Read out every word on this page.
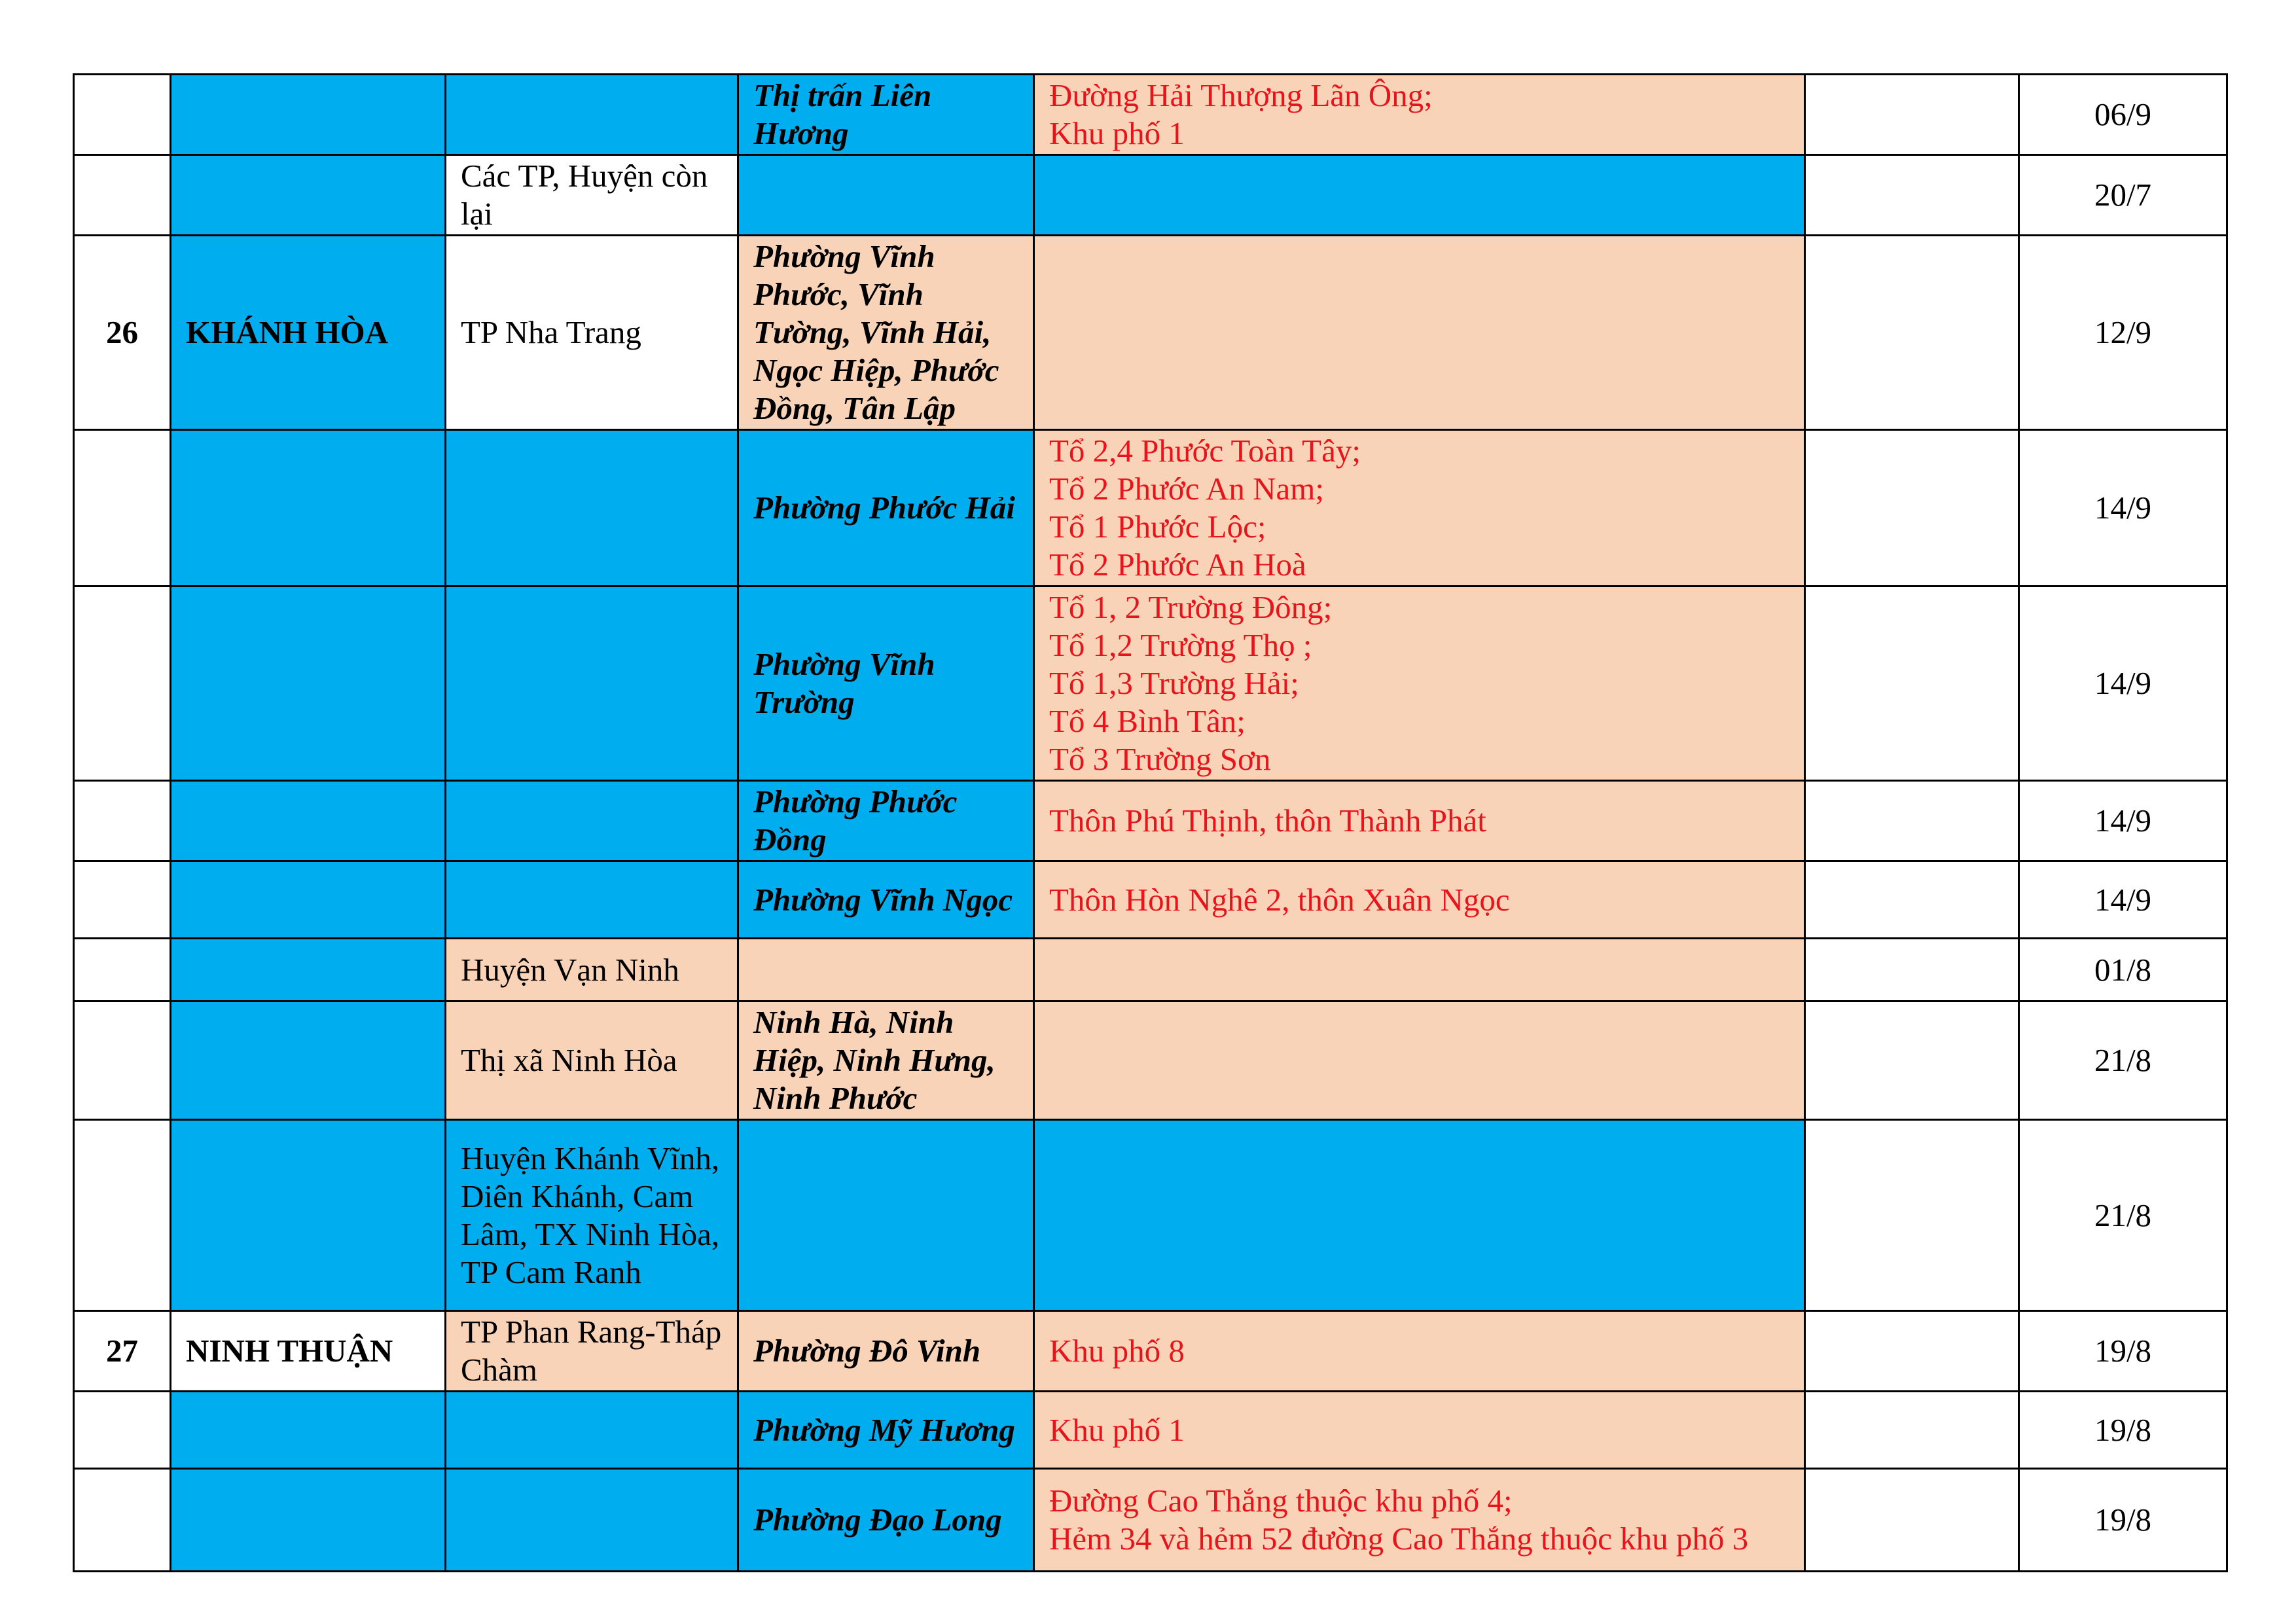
			Thị trấn Liên Hương	Đường Hải Thượng Lãn Ông;
Khu phố 1		06/9
		Các TP, Huyện còn lại				20/7
26	KHÁNH HÒA	TP Nha Trang	Phường Vĩnh Phước, Vĩnh Tường, Vĩnh Hải, Ngọc Hiệp, Phước Đồng, Tân Lập			12/9
			Phường Phước Hải	Tổ 2,4 Phước Toàn Tây;
Tổ 2 Phước An Nam;
Tổ 1 Phước Lộc;
Tổ 2 Phước An Hoà		14/9
			Phường Vĩnh Trường	Tổ 1, 2 Trường Đông;
Tổ 1,2 Trường Thọ ;
Tổ 1,3 Trường Hải;
Tổ 4 Bình Tân;
Tổ 3 Trường Sơn		14/9
			Phường Phước Đồng	Thôn Phú Thịnh, thôn Thành Phát		14/9
			Phường Vĩnh Ngọc	Thôn Hòn Nghê 2, thôn Xuân Ngọc		14/9
		Huyện Vạn Ninh				01/8
		Thị xã Ninh Hòa	Ninh Hà, Ninh Hiệp, Ninh Hưng, Ninh Phước			21/8
		Huyện Khánh Vĩnh, Diên Khánh, Cam Lâm, TX Ninh Hòa, TP Cam Ranh				21/8
27	NINH THUẬN	TP Phan Rang-Tháp Chàm	Phường Đô Vinh	Khu phố 8		19/8
			Phường Mỹ Hương	Khu phố 1		19/8
			Phường Đạo Long	Đường Cao Thắng thuộc khu phố 4;
Hẻm 34 và hẻm 52 đường Cao Thắng thuộc khu phố 3		19/8
